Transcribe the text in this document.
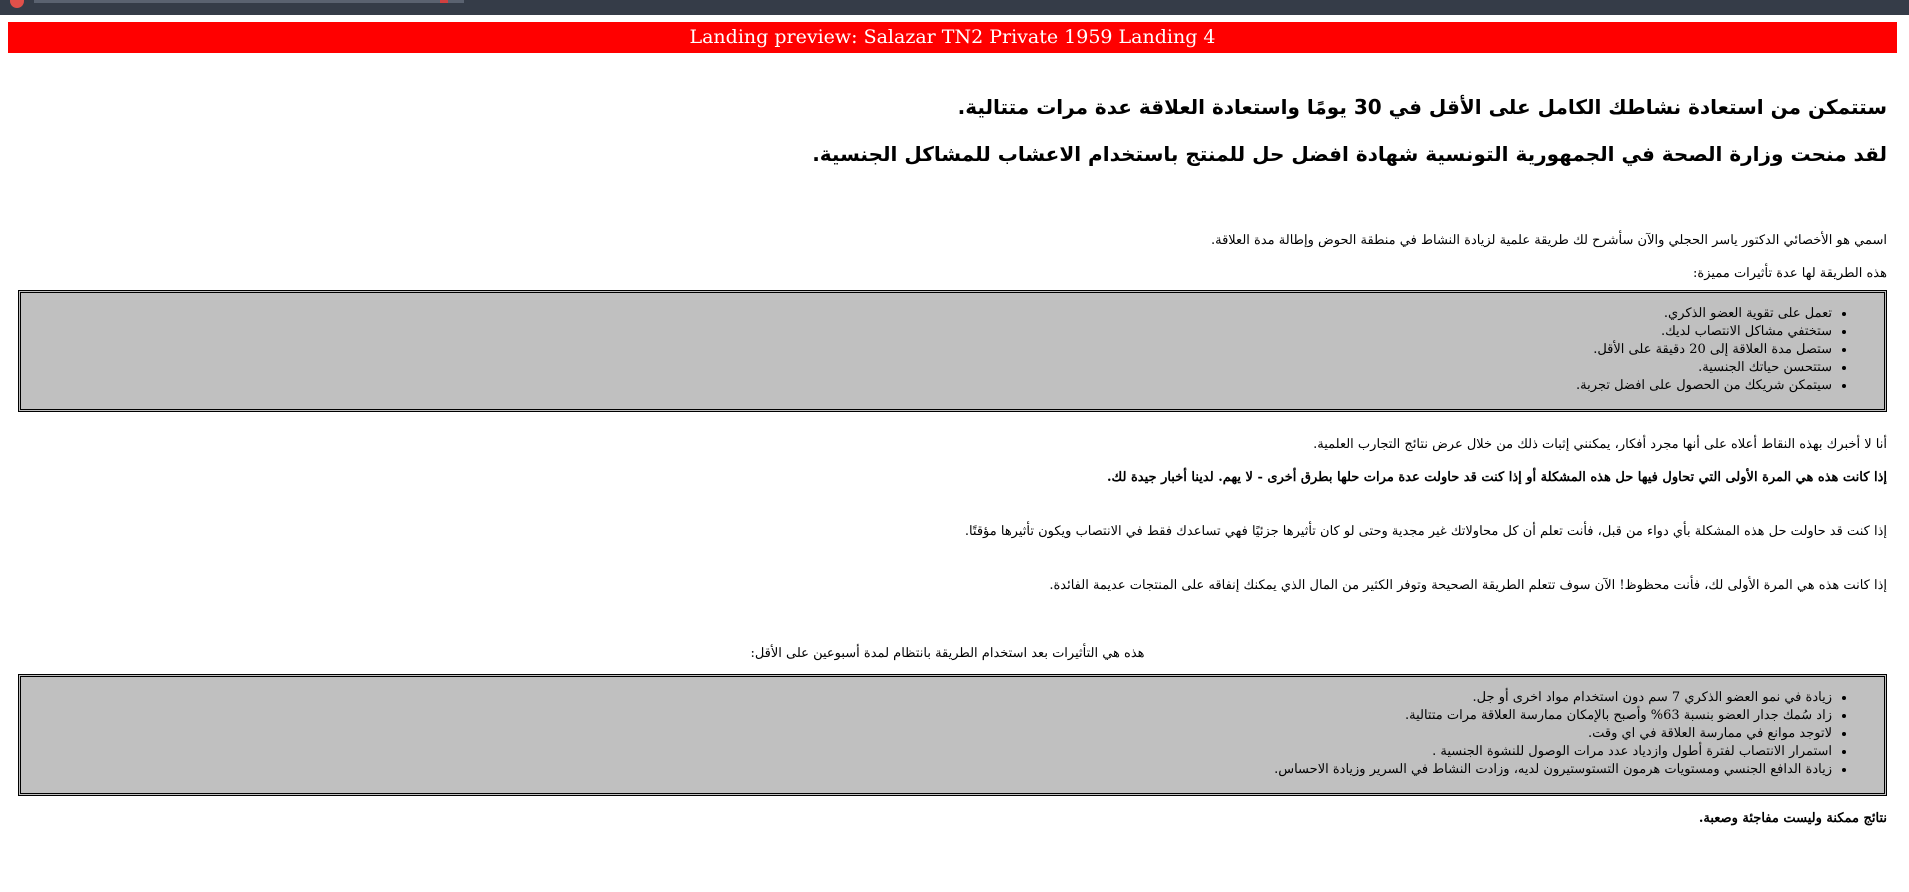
Landing preview: Salazar TN2 Private 1959 Landing 4
ستتمكن من استعادة نشاطك الكامل على الأقل في 30 يومًا واستعادة العلاقة عدة مرات متتالية.
لقد منحت وزارة الصحة في الجمهورية التونسية شهادة افضل حل للمنتج باستخدام الاعشاب للمشاكل الجنسية.

اسمي هو الأخصائي الدكتور ياسر الحجلي والآن سأشرح لك طريقة علمية لزيادة النشاط في منطقة الحوض وإطالة مدة العلاقة.

هذه الطريقة لها عدة تأثيرات مميزة:

• تعمل على تقوية العضو الذكري.
• ستختفي مشاكل الانتصاب لديك.
• ستصل مدة العلاقة إلى 20 دقيقة على الأقل.
• ستتحسن حياتك الجنسية.
• سيتمكن شريكك من الحصول على افضل تجربة.

أنا لا أخبرك بهذه النقاط أعلاه على أنها مجرد أفكار، يمكنني إثبات ذلك من خلال عرض نتائج التجارب العلمية.

إذا كانت هذه هي المرة الأولى التي تحاول فيها حل هذه المشكلة أو إذا كنت قد حاولت عدة مرات حلها بطرق أخرى - لا يهم. لدينا أخبار جيدة لك.

إذا كنت قد حاولت حل هذه المشكلة بأي دواء من قبل، فأنت تعلم أن كل محاولاتك غير مجدية وحتى لو كان تأثيرها جزئيًا فهي تساعدك فقط في الانتصاب ويكون تأثيرها مؤقتًا.

إذا كانت هذه هي المرة الأولى لك، فأنت محظوظ! الآن سوف تتعلم الطريقة الصحيحة وتوفر الكثير من المال الذي يمكنك إنفاقه على المنتجات عديمة الفائدة.

هذه هي التأثيرات بعد استخدام الطريقة بانتظام لمدة أسبوعين على الأقل:
• زيادة في نمو العضو الذكري 7 سم دون استخدام مواد اخرى أو جل.
• زاد سُمك جدار العضو بنسبة 63% وأصبح بالإمكان ممارسة العلاقة مرات متتالية.
• لاتوجد موانع في ممارسة العلاقة في اي وقت.
• استمرار الانتصاب لفترة أطول وازدياد عدد مرات الوصول للنشوة الجنسية .
• زيادة الدافع الجنسي ومستويات هرمون التستوستيرون لديه، وزادت النشاط في السرير وزيادة الاحساس.

نتائج ممكنة وليست مفاجئة وصعبة.
